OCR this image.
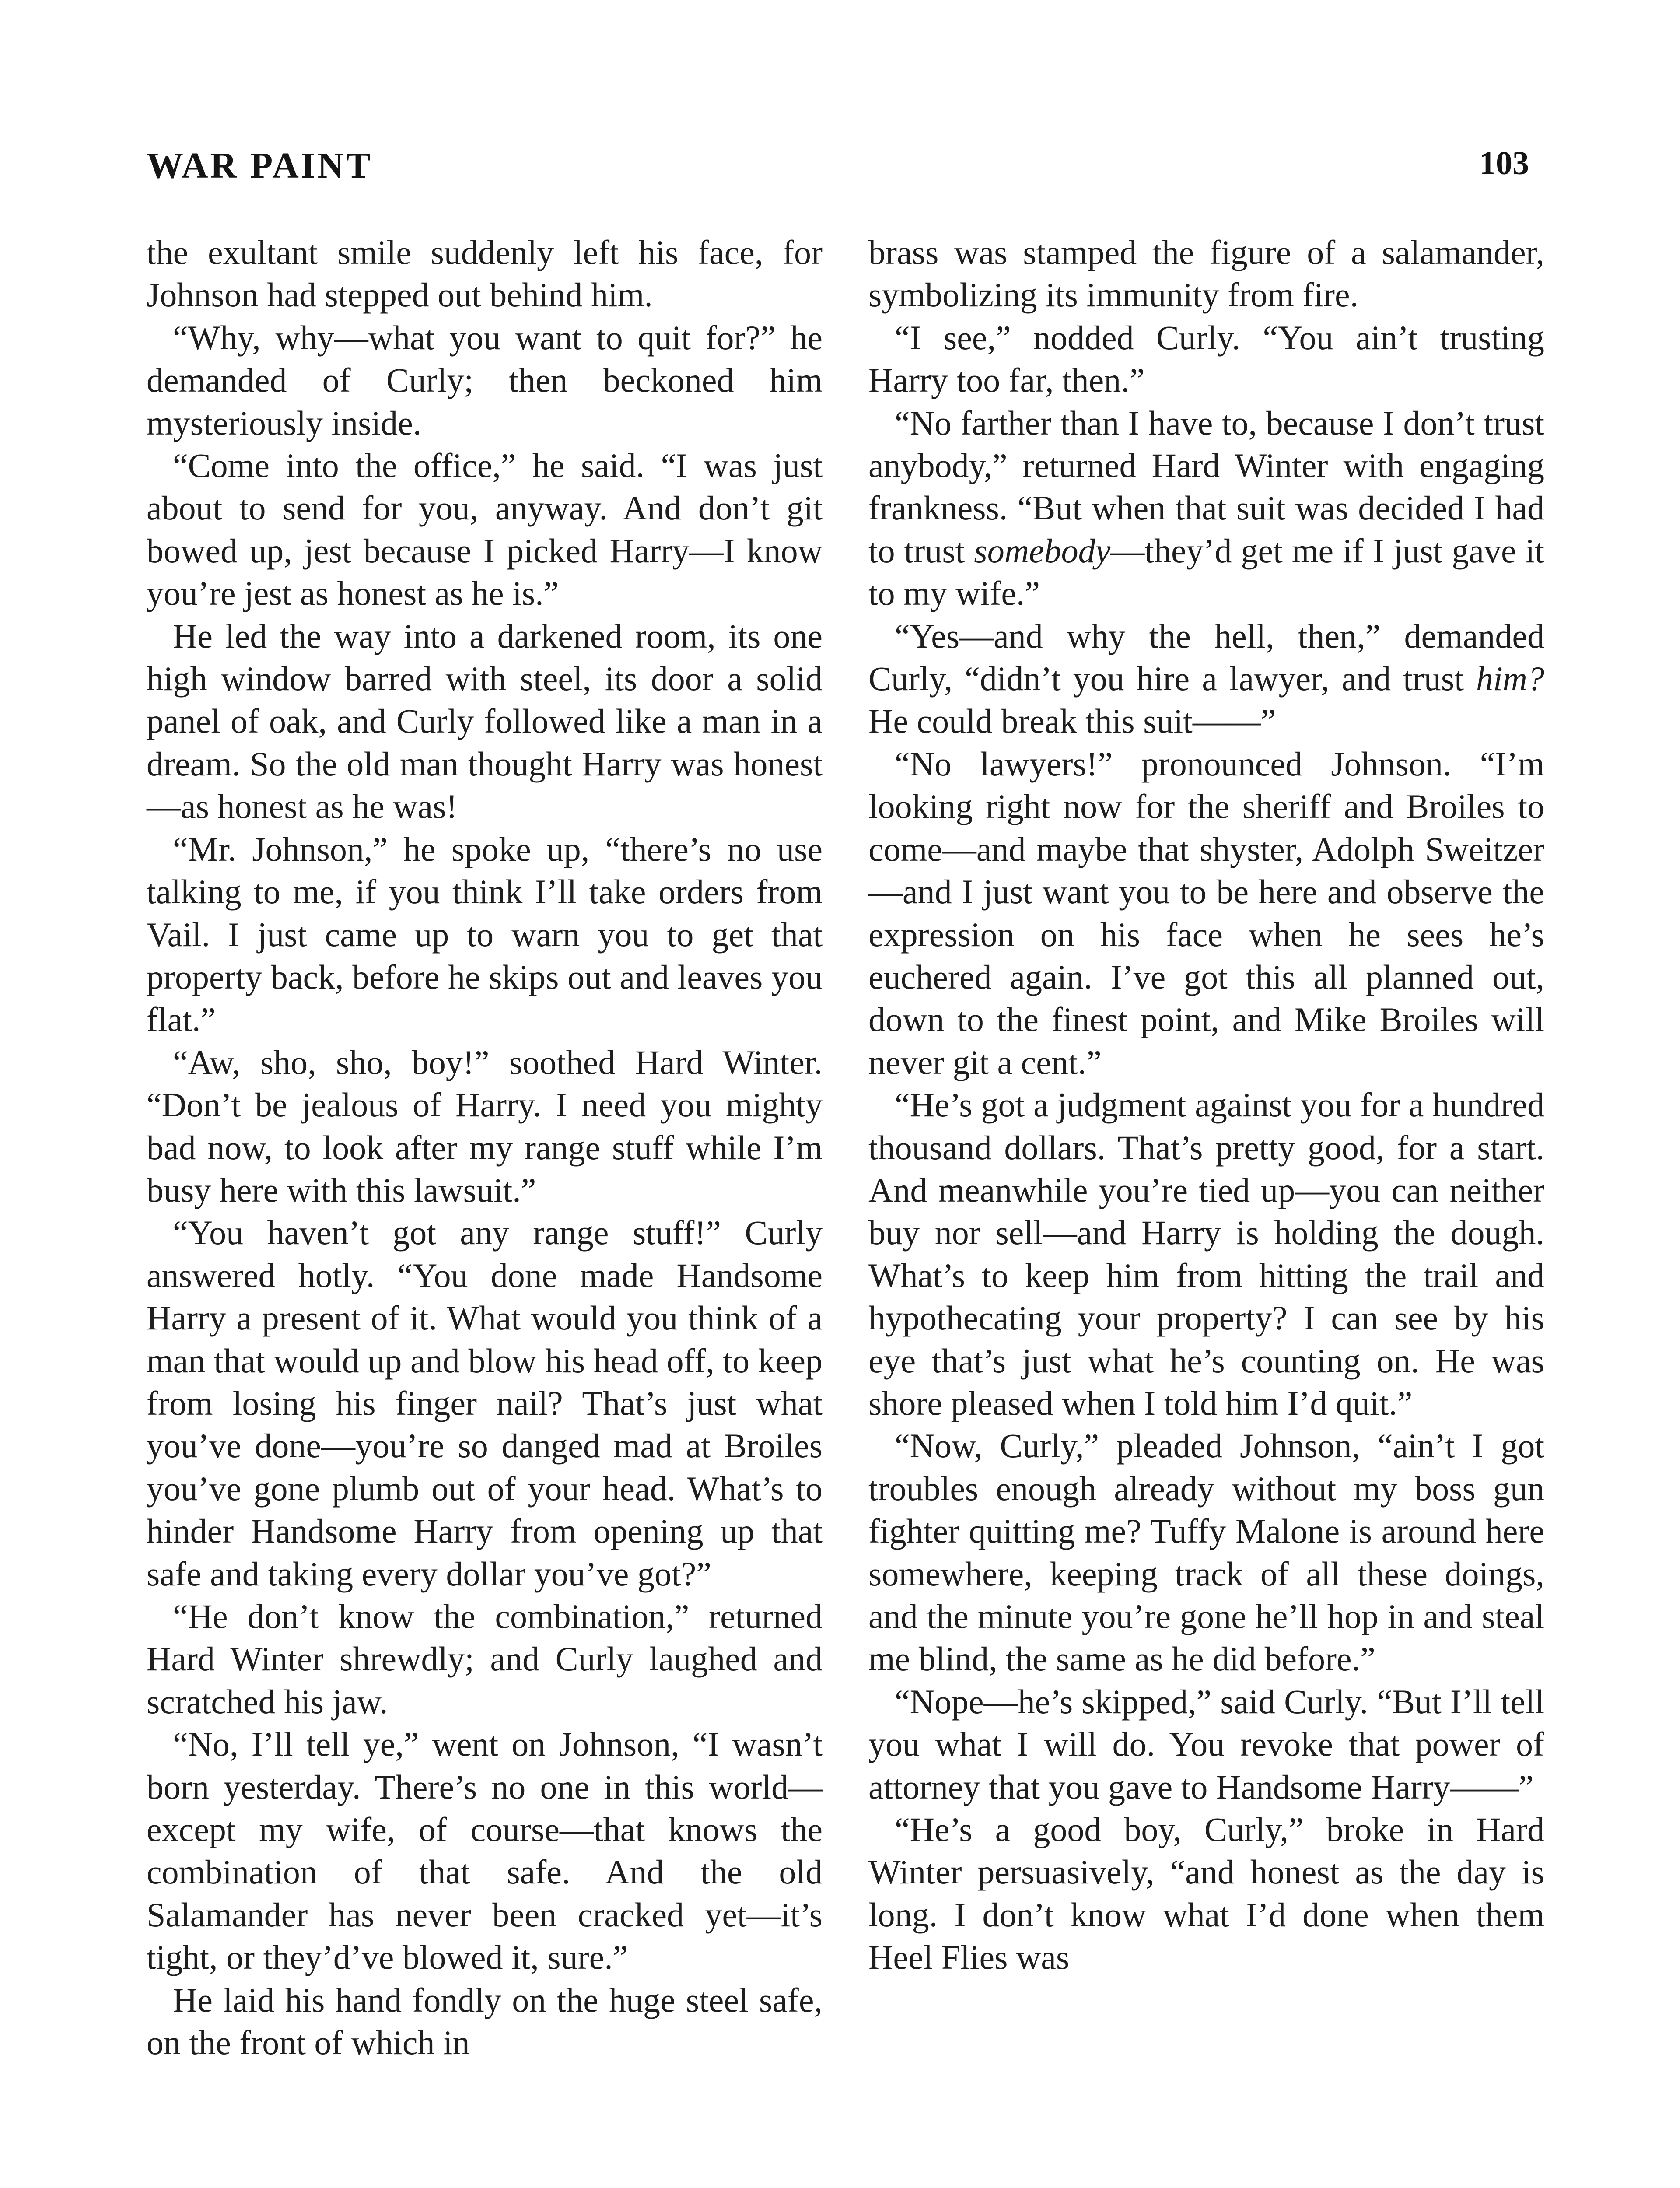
WAR PAINT	103

the exultant smile suddenly left his face, for Johnson had stepped out behind him.

“Why, why—what you want to quit for?” he demanded of Curly; then beckoned him mysteriously inside.

“Come into the office,” he said. “I was just about to send for you, anyway. And don’t git bowed up, jest because I picked Harry—I know you’re jest as honest as he is.”

He led the way into a darkened room, its one high window barred with steel, its door a solid panel of oak, and Curly followed like a man in a dream. So the old man thought Harry was honest—as honest as he was!

“Mr. Johnson,” he spoke up, “there’s no use talking to me, if you think I’ll take orders from Vail. I just came up to warn you to get that property back, before he skips out and leaves you flat.”

“Aw, sho, sho, boy!” soothed Hard Winter. “Don’t be jealous of Harry. I need you mighty bad now, to look after my range stuff while I’m busy here with this lawsuit.”

“You haven’t got any range stuff!” Curly answered hotly. “You done made Handsome Harry a present of it. What would you think of a man that would up and blow his head off, to keep from losing his finger nail? That’s just what you’ve done—you’re so danged mad at Broiles you’ve gone plumb out of your head. What’s to hinder Handsome Harry from opening up that safe and taking every dollar you’ve got?”

“He don’t know the combination,” returned Hard Winter shrewdly; and Curly laughed and scratched his jaw.

“No, I’ll tell ye,” went on Johnson, “I wasn’t born yesterday. There’s no one in this world—except my wife, of course—that knows the combination of that safe. And the old Salamander has never been cracked yet—it’s tight, or they’d’ve blowed it, sure.”

He laid his hand fondly on the huge steel safe, on the front of which in

brass was stamped the figure of a salamander, symbolizing its immunity from fire.

“I see,” nodded Curly. “You ain’t trusting Harry too far, then.”

“No farther than I have to, because I don’t trust anybody,” returned Hard Winter with engaging frankness. “But when that suit was decided I had to trust somebody—they’d get me if I just gave it to my wife.”

“Yes—and why the hell, then,” demanded Curly, “didn’t you hire a lawyer, and trust him? He could break this suit——”

“No lawyers!” pronounced Johnson. “I’m looking right now for the sheriff and Broiles to come—and maybe that shyster, Adolph Sweitzer—and I just want you to be here and observe the expression on his face when he sees he’s euchered again. I’ve got this all planned out, down to the finest point, and Mike Broiles will never git a cent.”

“He’s got a judgment against you for a hundred thousand dollars. That’s pretty good, for a start. And meanwhile you’re tied up—you can neither buy nor sell—and Harry is holding the dough. What’s to keep him from hitting the trail and hypothecating your property? I can see by his eye that’s just what he’s counting on. He was shore pleased when I told him I’d quit.”

“Now, Curly,” pleaded Johnson, “ain’t I got troubles enough already without my boss gun fighter quitting me? Tuffy Malone is around here somewhere, keeping track of all these doings, and the minute you’re gone he’ll hop in and steal me blind, the same as he did before.”

“Nope—he’s skipped,” said Curly. “But I’ll tell you what I will do. You revoke that power of attorney that you gave to Handsome Harry——”

“He’s a good boy, Curly,” broke in Hard Winter persuasively, “and honest as the day is long. I don’t know what I’d done when them Heel Flies was
